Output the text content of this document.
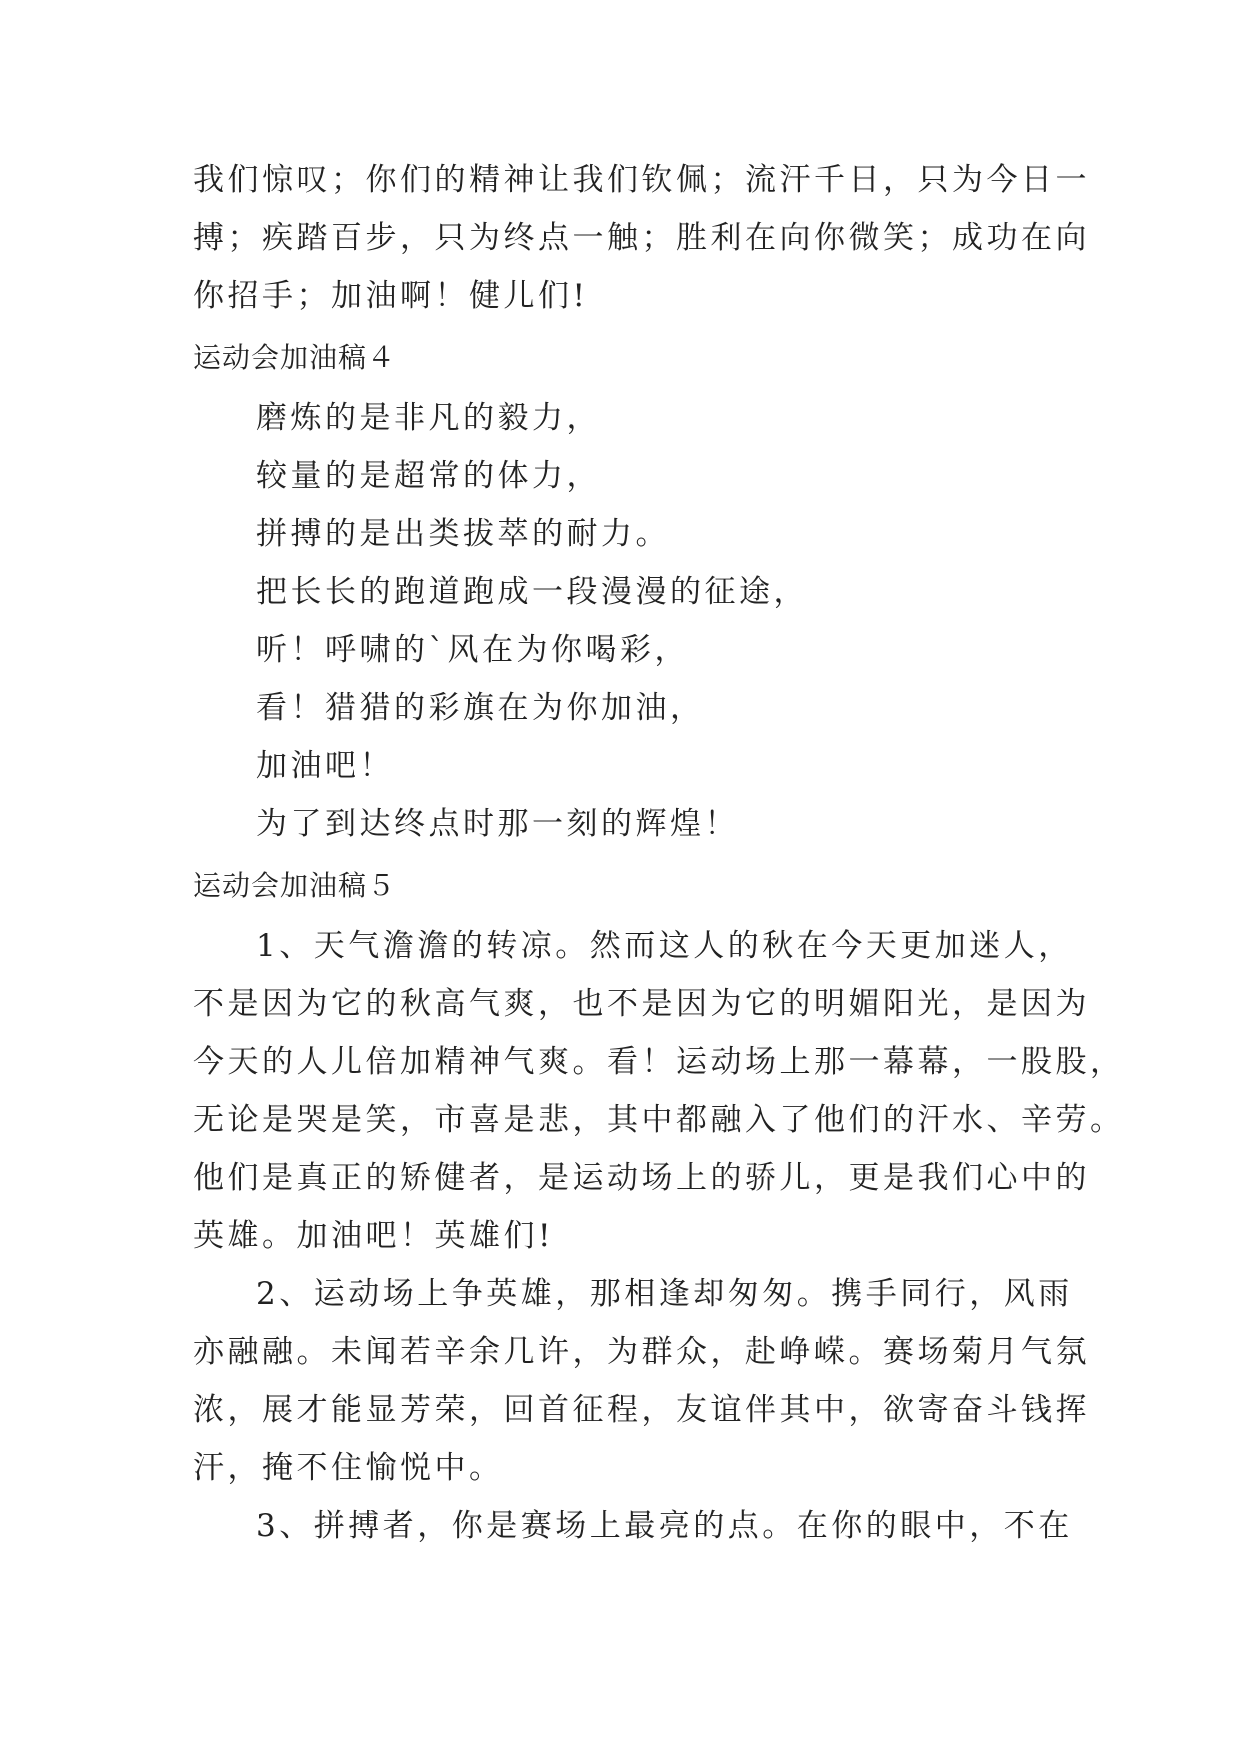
我们惊叹；你们的精神让我们钦佩；流汗千日，只为今日一
搏；疾踏百步，只为终点一触；胜利在向你微笑；成功在向
你招手；加油啊！健儿们!
运动会加油稿４
磨炼的是非凡的毅力，
较量的是超常的体力，
拼搏的是出类拔萃的耐力。
把长长的跑道跑成一段漫漫的征途，
听！呼啸的`风在为你喝彩，
看！猎猎的彩旗在为你加油，
加油吧！
为了到达终点时那一刻的辉煌！
运动会加油稿５
1、天气澹澹的转凉。然而这人的秋在今天更加迷人，
不是因为它的秋高气爽，也不是因为它的明媚阳光，是因为
今天的人儿倍加精神气爽。看！运动场上那一幕幕，一股股，
无论是哭是笑，市喜是悲，其中都融入了他们的汗水、辛劳。
他们是真正的矫健者，是运动场上的骄儿，更是我们心中的
英雄。加油吧！英雄们!
2、运动场上争英雄，那相逢却匆匆。携手同行，风雨
亦融融。未闻若辛余几许，为群众，赴峥嵘。赛场菊月气氛
浓，展才能显芳荣，回首征程，友谊伴其中，欲寄奋斗钱挥
汗，掩不住愉悦中。
3、拼搏者，你是赛场上最亮的点。在你的眼中，不在
